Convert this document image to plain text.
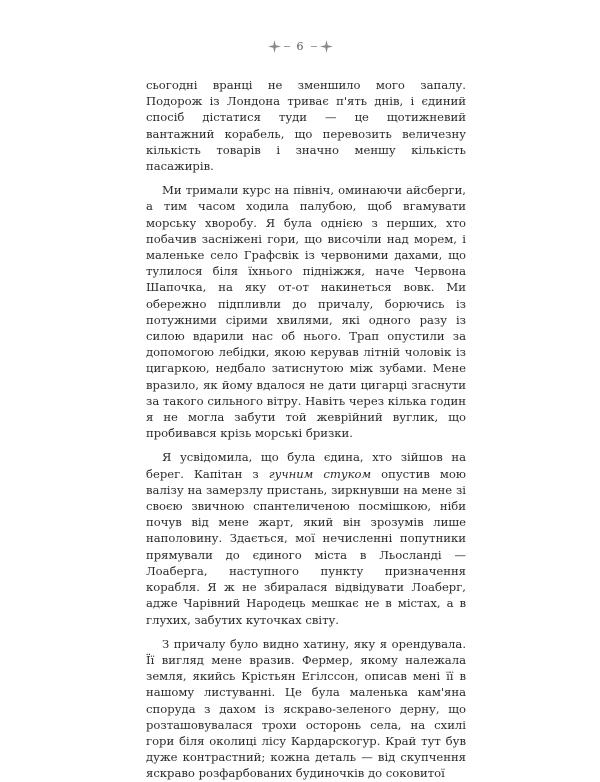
6

сьогодні вранці не зменшило мого запалу. Подорож із Лондона триває п'ять днів, і єдиний спосіб дістатися туди — це щотижневий вантажний корабель, що перевозить величезну кількість товарів і значно меншу кількість пасажирів.

Ми тримали курс на північ, оминаючи айсберги, а тим часом ходила палубою, щоб вгамувати морську хворобу. Я була однією з перших, хто побачив засніжені гори, що височіли над морем, і маленьке село Графсвік із червоними дахами, що тулилося біля їхнього підніжжя, наче Червона Шапочка, на яку от-от накинеться вовк. Ми обережно підпливли до причалу, борючись із потужними сірими хвилями, які одного разу із силою вдарили нас об нього. Трап опустили за допомогою лебідки, якою керував літній чоловік із цигаркою, недбало затиснутою між зубами. Мене вразило, як йому вдалося не дати цигарці згаснути за такого сильного вітру. Навіть через кілька годин я не могла забути той жеврійний вуглик, що пробивався крізь морські бризки.

Я усвідомила, що була єдина, хто зійшов на берег. Капітан з гучним стуком опустив мою валізу на замерзлу пристань, зиркнувши на мене зі своєю звичною спантеличеною посмішкою, ніби почув від мене жарт, який він зрозумів лише наполовину. Здається, мої нечисленні попутники прямували до єдиного міста в Льосланді — Лоаберга, наступного пункту призначення корабля. Я ж не збиралася відвідувати Лоаберг, адже Чарівний Народець мешкає не в містах, а в глухих, забутих куточках світу.

З причалу було видно хатину, яку я орендувала. Її вигляд мене вразив. Фермер, якому належала земля, якийсь Крістьян Егілссон, описав мені її в нашому листуванні. Це була маленька кам'яна споруда з дахом із яскраво-зеленого дерну, що розташовувалася трохи осторонь села, на схилі гори біля околиці лісу Кардарскогур. Край тут був дуже контрастний; кожна деталь — від скупчення яскраво розфарбованих будиночків до соковитої
